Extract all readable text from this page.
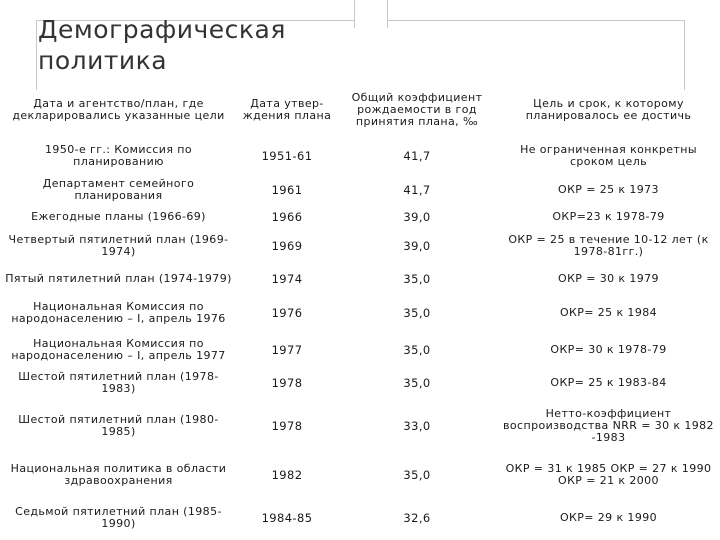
Демографическая
политика
Дата и агентство/план, где декларировались указанные цели	Дата утвер-ждения плана	Общий коэффициент рождаемости в год принятия плана, ‰	Цель и срок, к которому планировалось ее достичь
1950-е гг.: Комиссия по планированию	1951-61	41,7	Не ограниченная конкретны сроком цель
Департамент семейного планирования	1961	41,7	ОКР = 25 к 1973
Ежегодные планы (1966-69)	1966	39,0	ОКР=23 к 1978-79
Четвертый пятилетний план (1969-1974)	1969	39,0	ОКР = 25 в течение 10-12 лет (к 1978-81гг.)
Пятый пятилетний план (1974-1979)	1974	35,0	ОКР = 30 к 1979
Национальная Комиссия по народонаселению – I, апрель 1976	1976	35,0	ОКР= 25 к 1984
Национальная Комиссия по народонаселению – I, апрель 1977	1977	35,0	ОКР= 30 к 1978-79
Шестой пятилетний план (1978-1983)	1978	35,0	ОКР= 25 к 1983-84
Шестой пятилетний план (1980-1985)	1978	33,0	Нетто-коэффициент воспроизводства NRR = 30 к 1982 -1983
Национальная политика в области здравоохранения	1982	35,0	ОКР = 31 к 1985 ОКР = 27 к 1990 ОКР = 21 к 2000
Седьмой пятилетний план (1985-1990)	1984-85	32,6	ОКР= 29 к 1990
